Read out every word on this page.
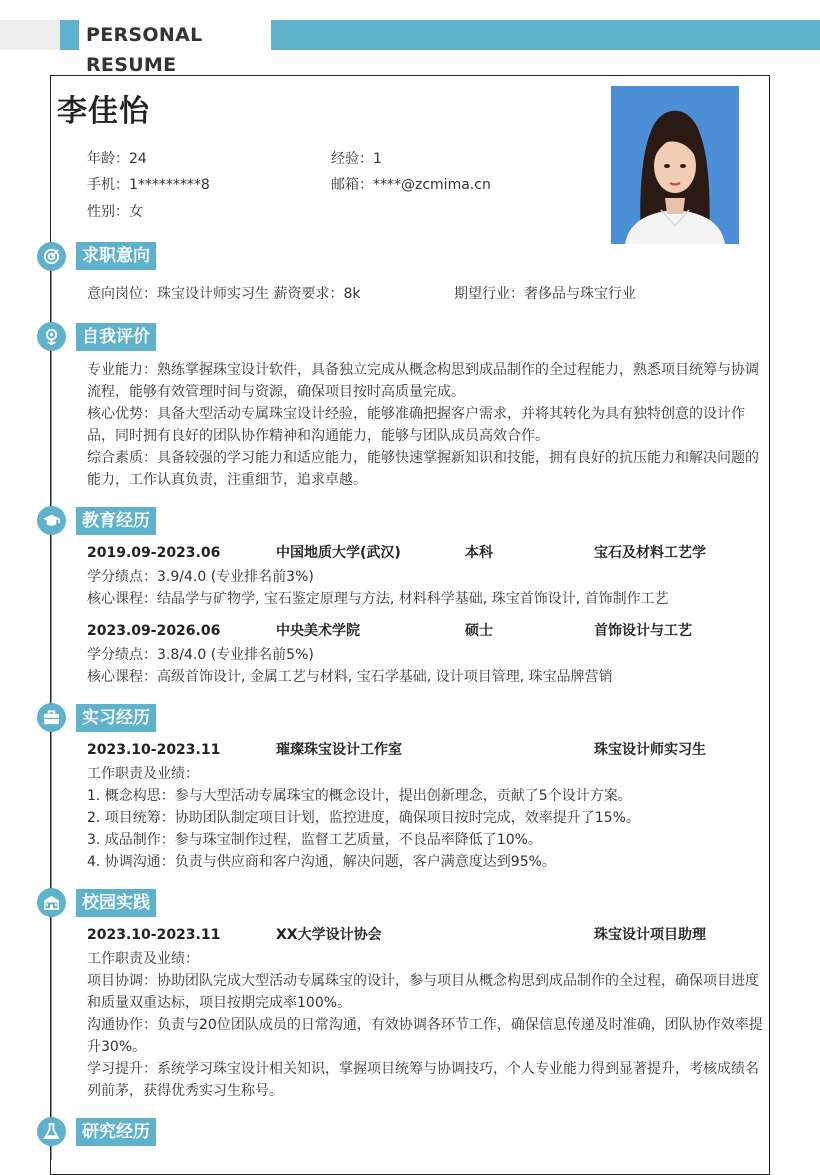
PERSONAL RESUME
李佳怡
年龄：24	经验：1
手机：1*********8	邮箱：****@zcmima.cn
性别：女
求职意向
意向岗位：珠宝设计师实习生 薪资要求：8k	期望行业：奢侈品与珠宝行业
自我评价

专业能力：熟练掌握珠宝设计软件，具备独立完成从概念构思到成品制作的全过程能力，熟悉项目统筹与协调流程，能够有效管理时间与资源，确保项目按时高质量完成。

核心优势：具备大型活动专属珠宝设计经验，能够准确把握客户需求，并将其转化为具有独特创意的设计作品，同时拥有良好的团队协作精神和沟通能力，能够与团队成员高效合作。

综合素质：具备较强的学习能力和适应能力，能够快速掌握新知识和技能，拥有良好的抗压能力和解决问题的能力，工作认真负责，注重细节，追求卓越。

教育经历
2019.09-2023.06	中国地质大学(武汉)	本科	宝石及材料工艺学

学分绩点：3.9/4.0 (专业排名前3%)

核心课程：结晶学与矿物学, 宝石鉴定原理与方法, 材料科学基础, 珠宝首饰设计, 首饰制作工艺

2023.09-2026.06	中央美术学院	硕士	首饰设计与工艺

学分绩点：3.8/4.0 (专业排名前5%)

核心课程：高级首饰设计, 金属工艺与材料, 宝石学基础, 设计项目管理, 珠宝品牌营销

实习经历
2023.10-2023.11	璀璨珠宝设计工作室	珠宝设计师实习生

工作职责及业绩：

1. 概念构思：参与大型活动专属珠宝的概念设计，提出创新理念，贡献了5个设计方案。

2. 项目统筹：协助团队制定项目计划，监控进度，确保项目按时完成，效率提升了15%。

3. 成品制作：参与珠宝制作过程，监督工艺质量，不良品率降低了10%。

4. 协调沟通：负责与供应商和客户沟通，解决问题，客户满意度达到95%。

校园实践
2023.10-2023.11	XX大学设计协会	珠宝设计项目助理

工作职责及业绩：

项目协调：协助团队完成大型活动专属珠宝的设计，参与项目从概念构思到成品制作的全过程，确保项目进度和质量双重达标，项目按期完成率100%。

沟通协作：负责与20位团队成员的日常沟通，有效协调各环节工作，确保信息传递及时准确，团队协作效率提升30%。

学习提升：系统学习珠宝设计相关知识，掌握项目统筹与协调技巧，个人专业能力得到显著提升，考核成绩名列前茅，获得优秀实习生称号。

研究经历
